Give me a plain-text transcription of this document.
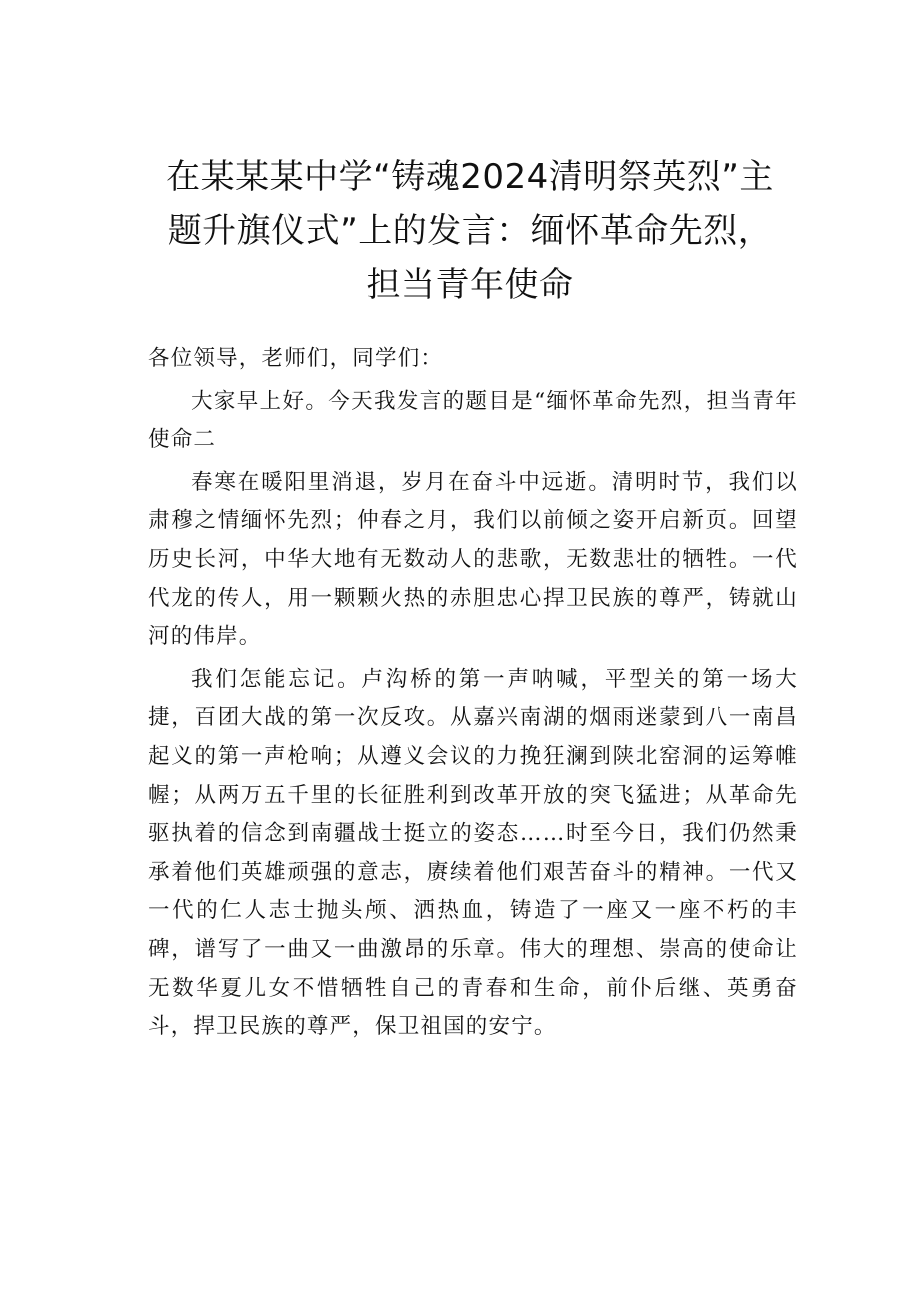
在某某某中学“铸魂2024清明祭英烈”主
题升旗仪式”上的发言：缅怀革命先烈，
担当青年使命

各位领导，老师们，同学们：

大家早上好。今天我发言的题目是“缅怀革命先烈，担当青年使命二

春寒在暖阳里消退，岁月在奋斗中远逝。清明时节，我们以肃穆之情缅怀先烈；仲春之月，我们以前倾之姿开启新页。回望历史长河，中华大地有无数动人的悲歌，无数悲壮的牺牲。一代代龙的传人，用一颗颗火热的赤胆忠心捍卫民族的尊严，铸就山河的伟岸。

我们怎能忘记。卢沟桥的第一声呐喊，平型关的第一场大捷，百团大战的第一次反攻。从嘉兴南湖的烟雨迷蒙到八一南昌起义的第一声枪响；从遵义会议的力挽狂澜到陕北窑洞的运筹帷幄；从两万五千里的长征胜利到改革开放的突飞猛进；从革命先驱执着的信念到南疆战士挺立的姿态……时至今日，我们仍然秉承着他们英雄顽强的意志，赓续着他们艰苦奋斗的精神。一代又一代的仁人志士抛头颅、洒热血，铸造了一座又一座不朽的丰碑，谱写了一曲又一曲激昂的乐章。伟大的理想、崇高的使命让无数华夏儿女不惜牺牲自己的青春和生命，前仆后继、英勇奋斗，捍卫民族的尊严，保卫祖国的安宁。
